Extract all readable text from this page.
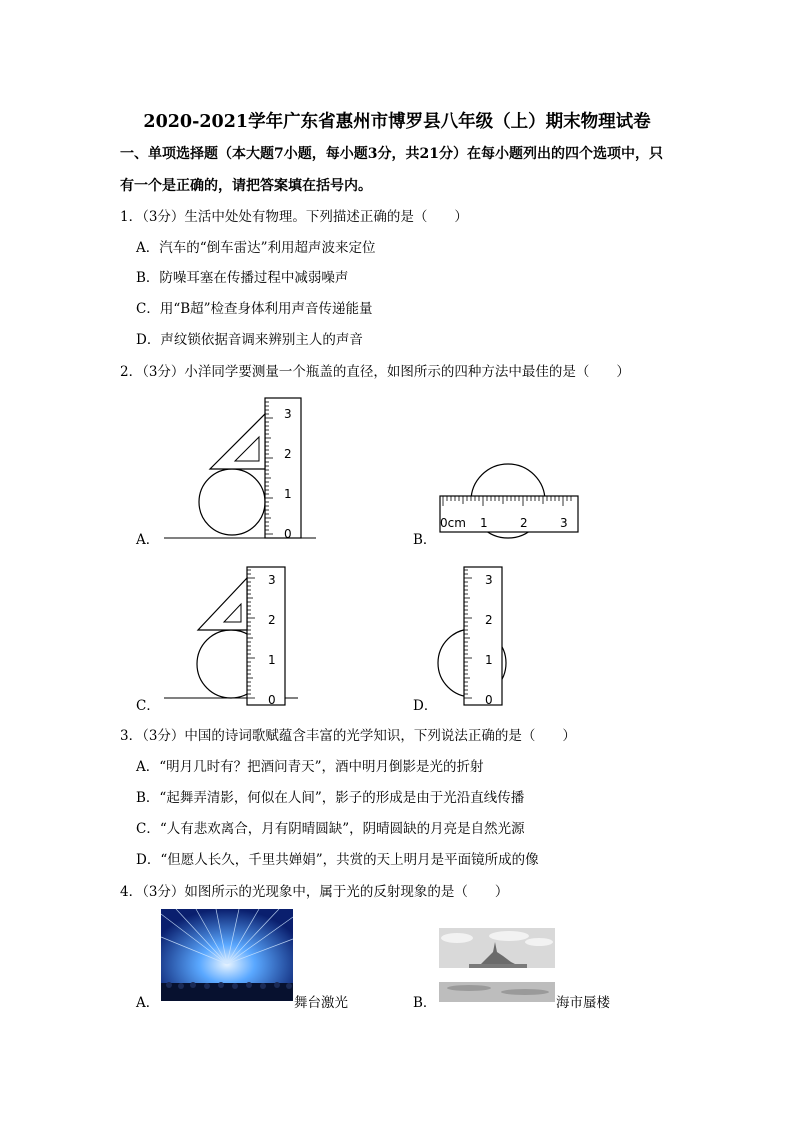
2020-2021学年广东省惠州市博罗县八年级（上）期末物理试卷
一、单项选择题（本大题7小题，每小题3分，共21分）在每小题列出的四个选项中，只
有一个是正确的，请把答案填在括号内。
1．（3分）生活中处处有物理。下列描述正确的是（　　）
A．汽车的“倒车雷达”利用超声波来定位
B．防噪耳塞在传播过程中减弱噪声
C．用“B超”检查身体利用声音传递能量
D．声纹锁依据音调来辨别主人的声音
2．（3分）小洋同学要测量一个瓶盖的直径，如图所示的四种方法中最佳的是（　　）
A．	0
1
2
3
B．
0cm 1	2	3
C．	0
1
2
3
D．	0
1
2
3
3．（3分）中国的诗词歌赋蕴含丰富的光学知识，下列说法正确的是（　　）
A．“明月几时有？把酒问青天”，酒中明月倒影是光的折射
B．“起舞弄清影，何似在人间”，影子的形成是由于光沿直线传播
C．“人有悲欢离合，月有阴晴圆缺”，阴晴圆缺的月亮是自然光源
D．“但愿人长久，千里共婵娟”，共赏的天上明月是平面镜所成的像
4．（3分）如图所示的光现象中，属于光的反射现象的是（　　）
A．	舞台激光	B．	海市蜃楼
